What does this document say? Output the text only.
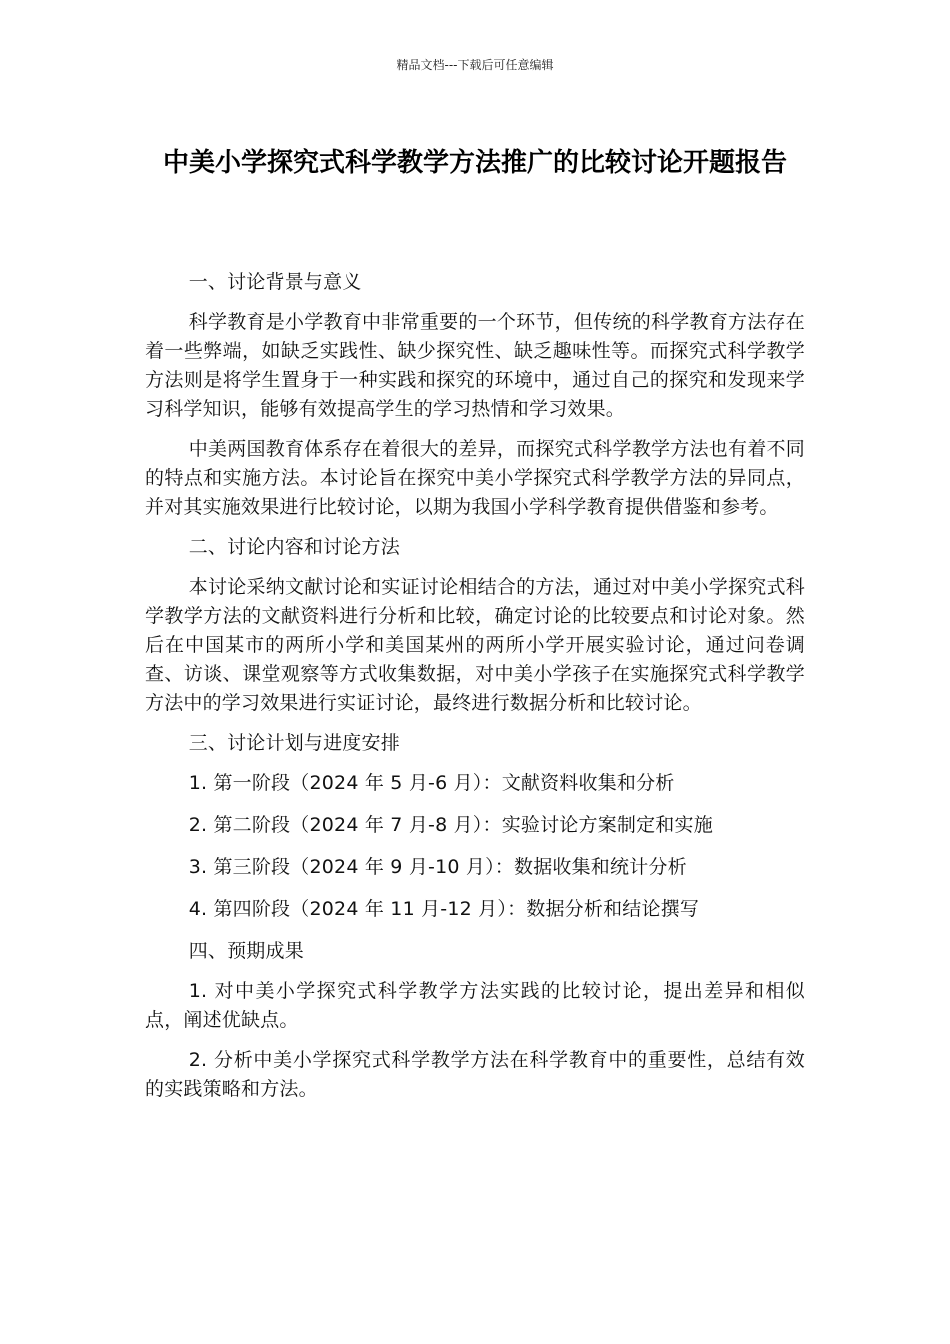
精品文档---下载后可任意编辑
中美小学探究式科学教学方法推广的比较讨论开题报告

一、讨论背景与意义

科学教育是小学教育中非常重要的一个环节，但传统的科学教育方法存在着一些弊端，如缺乏实践性、缺少探究性、缺乏趣味性等。而探究式科学教学方法则是将学生置身于一种实践和探究的环境中，通过自己的探究和发现来学习科学知识，能够有效提高学生的学习热情和学习效果。

中美两国教育体系存在着很大的差异，而探究式科学教学方法也有着不同的特点和实施方法。本讨论旨在探究中美小学探究式科学教学方法的异同点，并对其实施效果进行比较讨论，以期为我国小学科学教育提供借鉴和参考。

二、讨论内容和讨论方法

本讨论采纳文献讨论和实证讨论相结合的方法，通过对中美小学探究式科学教学方法的文献资料进行分析和比较，确定讨论的比较要点和讨论对象。然后在中国某市的两所小学和美国某州的两所小学开展实验讨论，通过问卷调查、访谈、课堂观察等方式收集数据，对中美小学孩子在实施探究式科学教学方法中的学习效果进行实证讨论，最终进行数据分析和比较讨论。

三、讨论计划与进度安排

1. 第一阶段（2024 年 5 月-6 月）：文献资料收集和分析

2. 第二阶段（2024 年 7 月-8 月）：实验讨论方案制定和实施

3. 第三阶段（2024 年 9 月-10 月）：数据收集和统计分析

4. 第四阶段（2024 年 11 月-12 月）：数据分析和结论撰写

四、预期成果

1. 对中美小学探究式科学教学方法实践的比较讨论，提出差异和相似点，阐述优缺点。

2. 分析中美小学探究式科学教学方法在科学教育中的重要性，总结有效的实践策略和方法。
